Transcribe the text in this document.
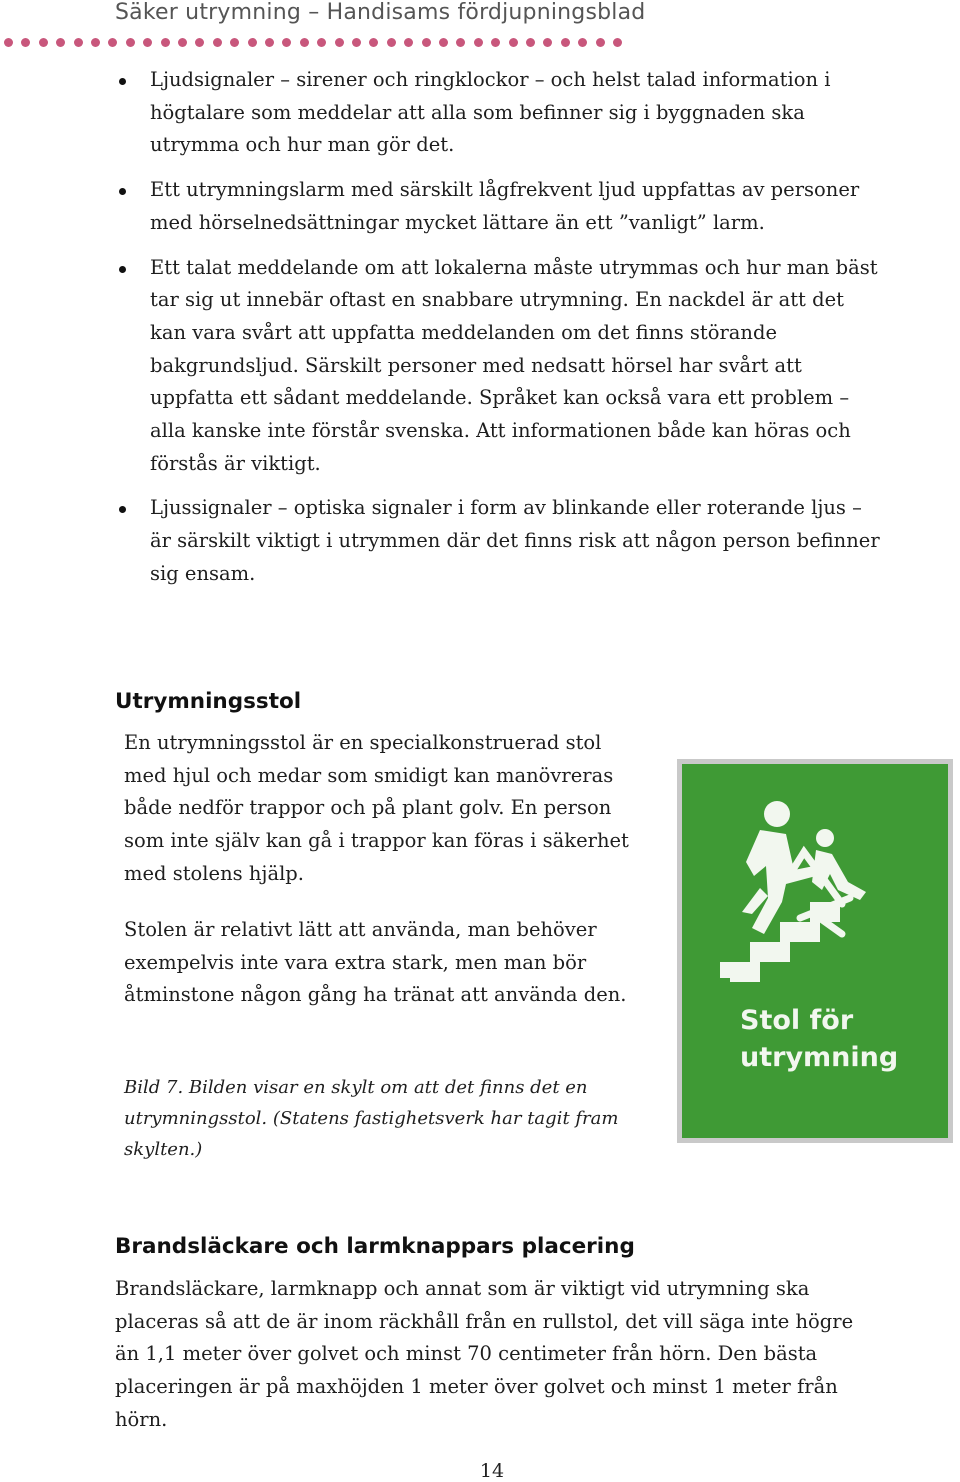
Säker utrymning – Handisams fördjupningsblad
Ljudsignaler – sirener och ringklockor – och helst talad information i högtalare som meddelar att alla som befinner sig i byggnaden ska utrymma och hur man gör det.
Ett utrymningslarm med särskilt lågfrekvent ljud uppfattas av personer med hörselnedsättningar mycket lättare än ett ”vanligt” larm.
Ett talat meddelande om att lokalerna måste utrymmas och hur man bäst tar sig ut innebär oftast en snabbare utrymning. En nackdel är att det kan vara svårt att uppfatta meddelanden om det finns störande bakgrundsljud. Särskilt personer med nedsatt hörsel har svårt att uppfatta ett sådant meddelande. Språket kan också vara ett problem – alla kanske inte förstår svenska. Att informationen både kan höras och förstås är viktigt.
Ljussignaler – optiska signaler i form av blinkande eller roterande ljus – är särskilt viktigt i utrymmen där det finns risk att någon person befinner sig ensam.
Utrymningsstol

En utrymningsstol är en specialkonstruerad stol med hjul och medar som smidigt kan manövreras både nedför trappor och på plant golv. En person som inte själv kan gå i trappor kan föras i säkerhet med stolens hjälp.

Stolen är relativt lätt att använda, man behöver exempelvis inte vara extra stark, men man bör åtminstone någon gång ha tränat att använda den.

Bild 7. Bilden visar en skylt om att det finns det en utrymningsstol. (Statens fastighetsverk har tagit fram skylten.)

Stol för
utrymning
Brandsläckare och larmknappars placering

Brandsläckare, larmknapp och annat som är viktigt vid utrymning ska placeras så att de är inom räckhåll från en rullstol, det vill säga inte högre än 1,1 meter över golvet och minst 70 centimeter från hörn. Den bästa placeringen är på maxhöjden 1 meter över golvet och minst 1 meter från hörn.

14
